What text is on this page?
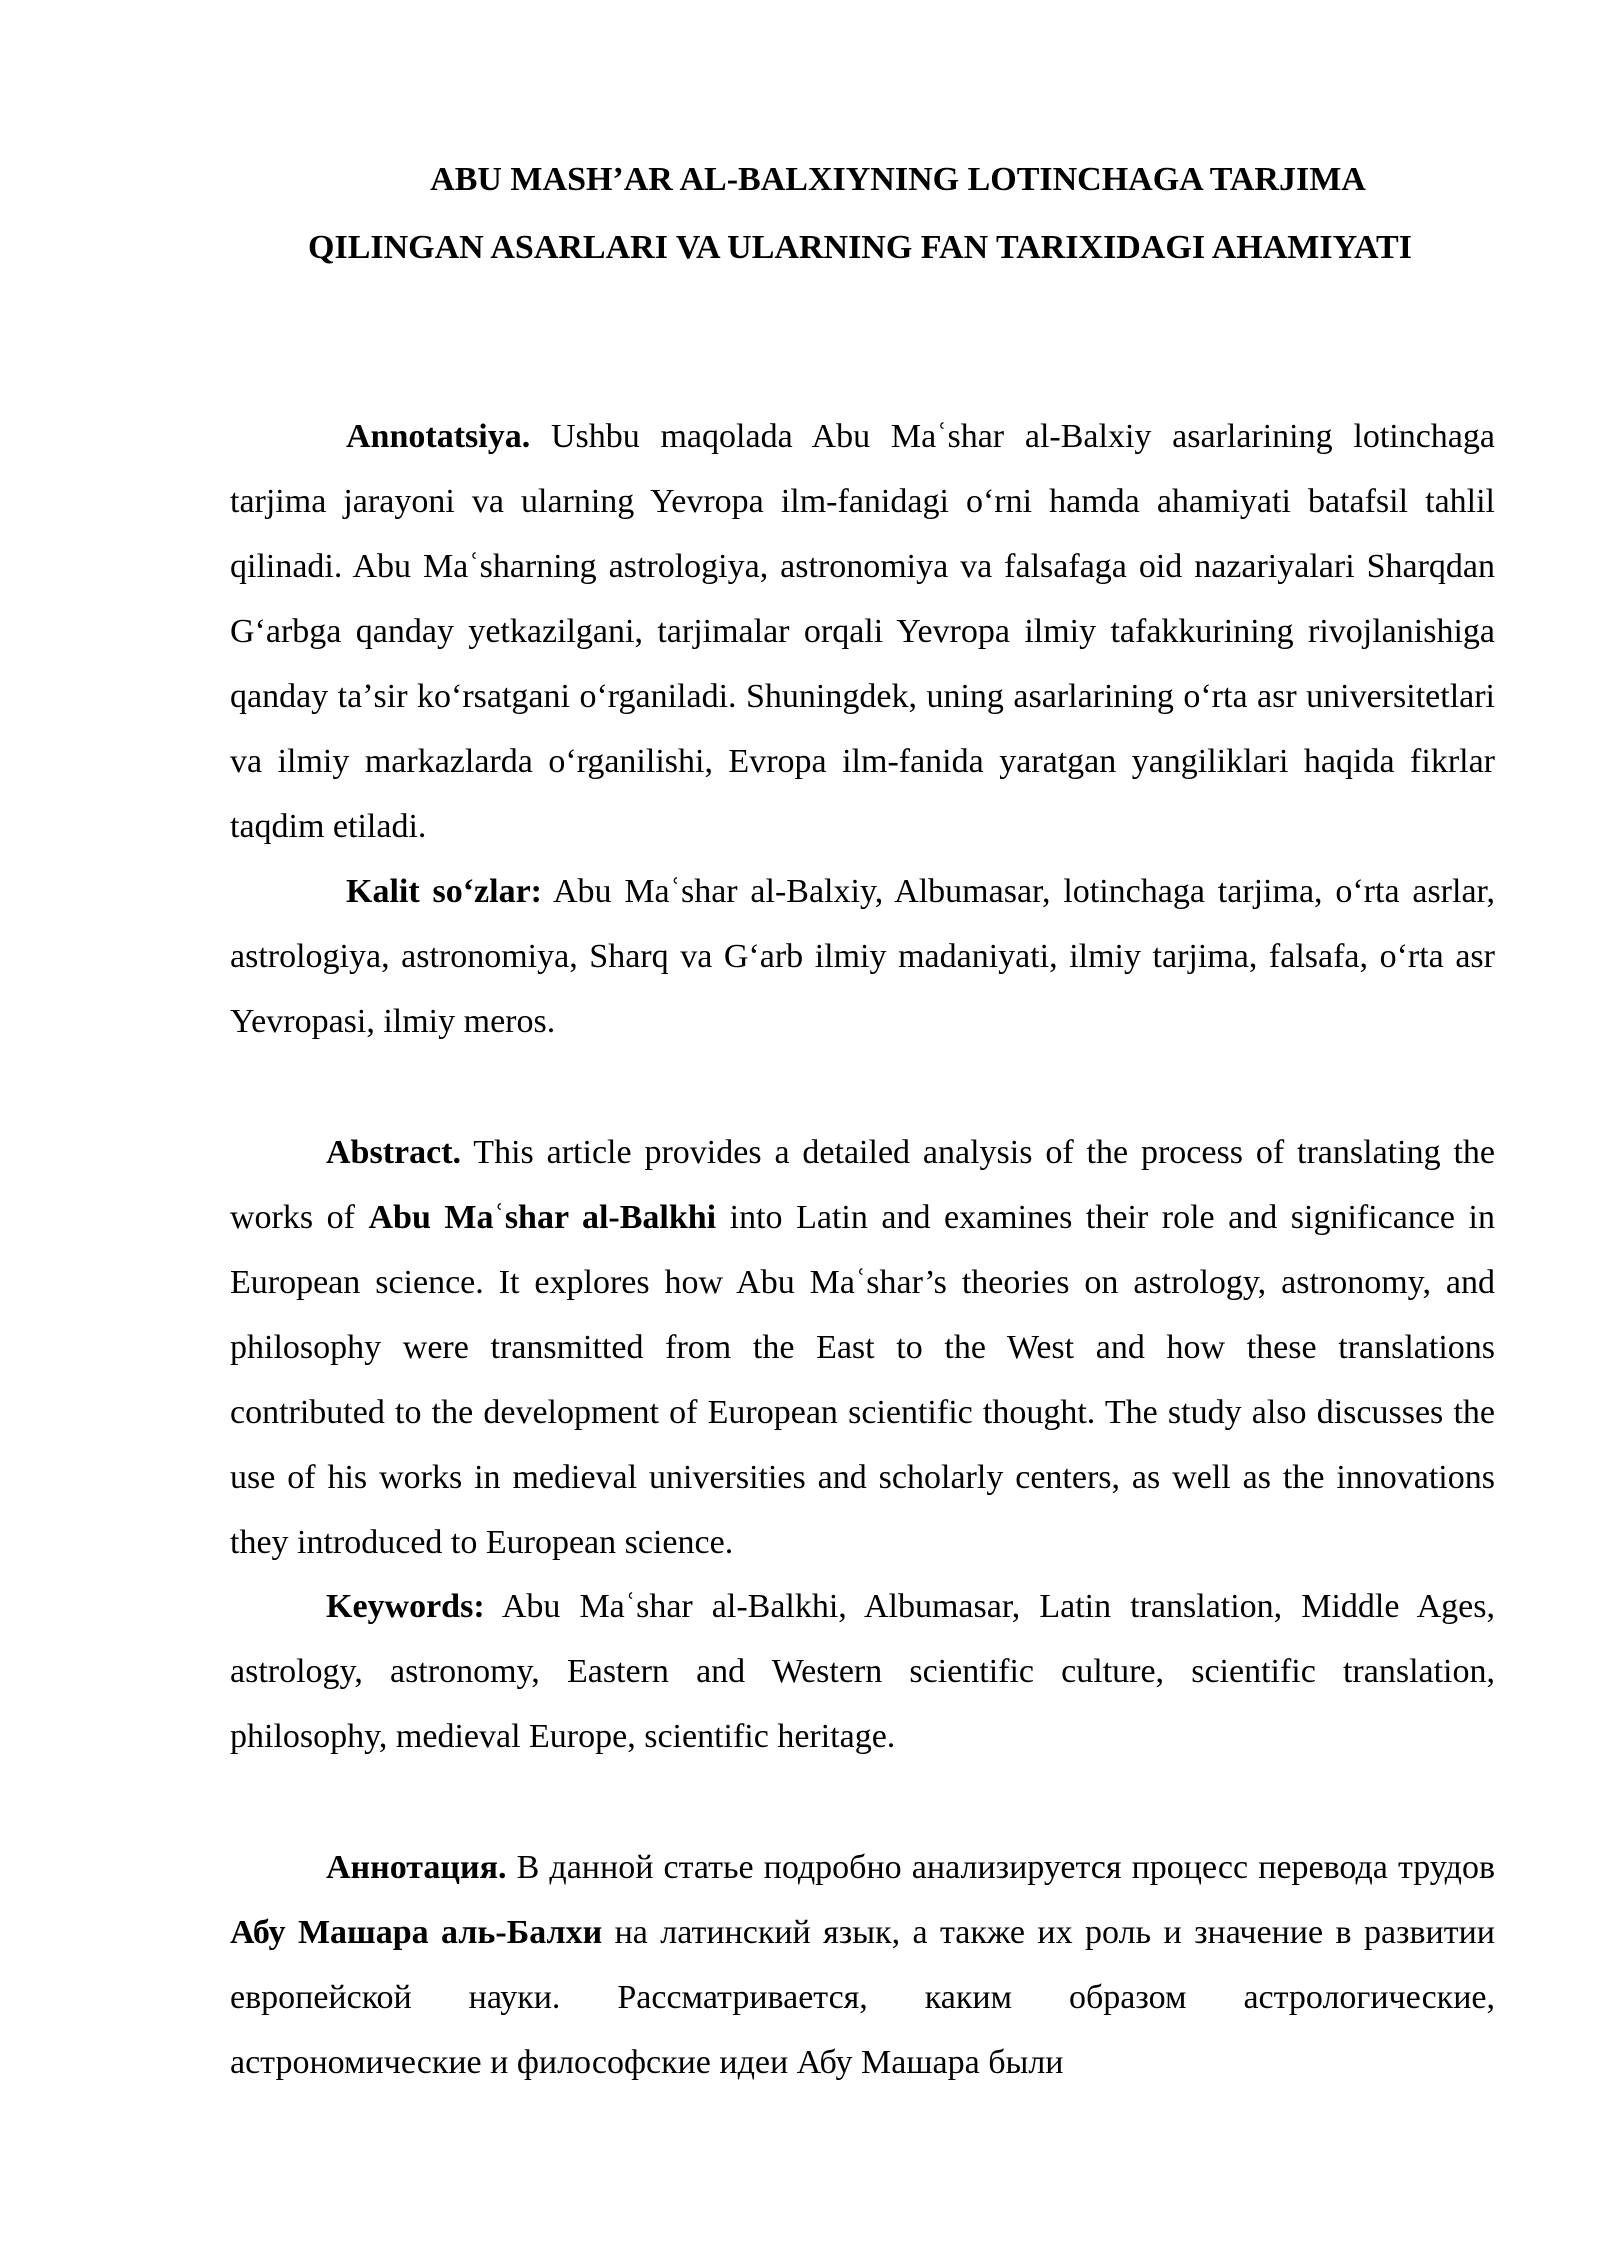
ABU MASH’AR AL-BALXIYNING LOTINCHAGA TARJIMA
QILINGAN ASARLARI VA ULARNING FAN TARIXIDAGI AHAMIYATI

Annotatsiya. Ushbu maqolada Abu Maʿshar al-Balxiy asarlarining lotinchaga tarjima jarayoni va ularning Yevropa ilm-fanidagi oʻrni hamda ahamiyati batafsil tahlil qilinadi. Abu Maʿsharning astrologiya, astronomiya va falsafaga oid nazariyalari Sharqdan Gʻarbga qanday yetkazilgani, tarjimalar orqali Yevropa ilmiy tafakkurining rivojlanishiga qanday taʼsir koʻrsatgani oʻrganiladi. Shuningdek, uning asarlarining oʻrta asr universitetlari va ilmiy markazlarda oʻrganilishi, Evropa ilm-fanida yaratgan yangiliklari haqida fikrlar taqdim etiladi.

Kalit soʻzlar: Abu Maʿshar al-Balxiy, Albumasar, lotinchaga tarjima, oʻrta asrlar, astrologiya, astronomiya, Sharq va Gʻarb ilmiy madaniyati, ilmiy tarjima, falsafa, oʻrta asr Yevropasi, ilmiy meros.

Abstract. This article provides a detailed analysis of the process of translating the works of Abu Maʿshar al-Balkhi into Latin and examines their role and significance in European science. It explores how Abu Maʿshar’s theories on astrology, astronomy, and philosophy were transmitted from the East to the West and how these translations contributed to the development of European scientific thought. The study also discusses the use of his works in medieval universities and scholarly centers, as well as the innovations they introduced to European science.

Keywords: Abu Maʿshar al-Balkhi, Albumasar, Latin translation, Middle Ages, astrology, astronomy, Eastern and Western scientific culture, scientific translation, philosophy, medieval Europe, scientific heritage.

Аннотация. В данной статье подробно анализируется процесс перевода трудов Абу Машара аль-Балхи на латинский язык, а также их роль и значение в развитии европейской науки. Рассматривается, каким образом астрологические, астрономические и философские идеи Абу Машара были
